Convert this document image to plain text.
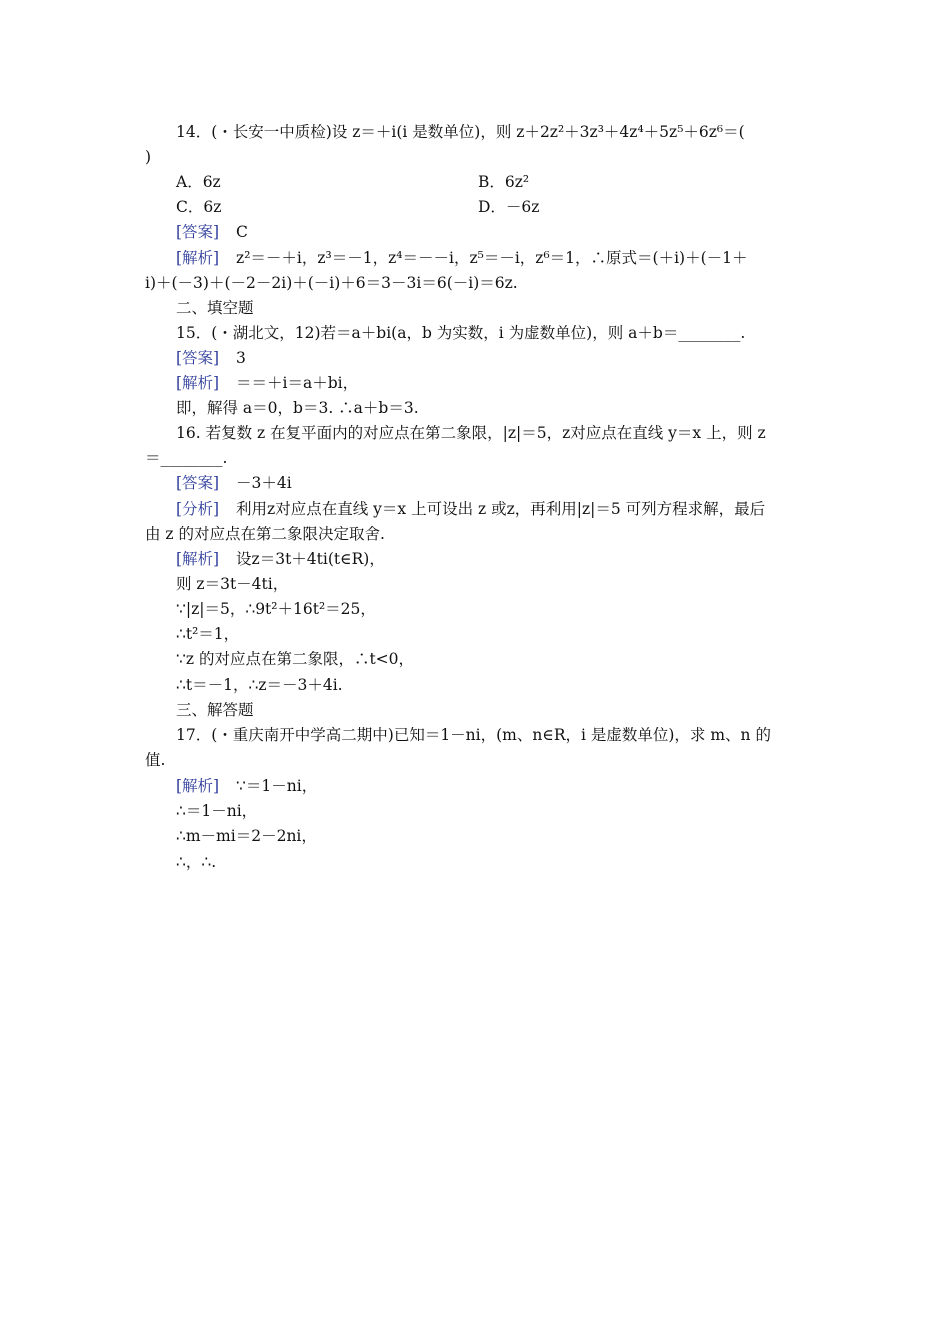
14．(・长安一中质检)设 z＝＋i(i 是数单位)，则 z＋2z²＋3z³＋4z⁴＋5z⁵＋6z⁶＝(
)
A．6z	B．6z²
C．6z	D．－6z
[答案] C
[解析] z²＝－＋i，z³＝－1，z⁴＝－－i，z⁵＝－i，z⁶＝1，∴原式＝(＋i)＋(－1＋
i)＋(－3)＋(－2－2i)＋(－i)＋6＝3－3i＝6(－i)＝6z.
二、填空题
15．(・湖北文，12)若＝a＋bi(a，b 为实数，i 为虚数单位)，则 a＋b＝________.
[答案] 3
[解析] ＝＝＋i＝a＋bi，
即，解得 a＝0，b＝3. ∴a＋b＝3.
16. 若复数 z 在复平面内的对应点在第二象限，|z|＝5，z对应点在直线 y＝x 上，则 z
＝________.
[答案] －3＋4i
[分析] 利用z对应点在直线 y＝x 上可设出 z 或z，再利用|z|＝5 可列方程求解，最后
由 z 的对应点在第二象限决定取舍.
[解析] 设z＝3t＋4ti(t∈R)，
则 z＝3t－4ti，
∵|z|＝5，∴9t²＋16t²＝25，
∴t²＝1，
∵z 的对应点在第二象限，∴t<0，
∴t＝－1，∴z＝－3＋4i.
三、解答题
17．(・重庆南开中学高二期中)已知＝1－ni，(m、n∈R，i 是虚数单位)，求 m、n 的
值.
[解析] ∵＝1－ni，
∴＝1－ni，
∴m－mi＝2－2ni，
∴，∴.
